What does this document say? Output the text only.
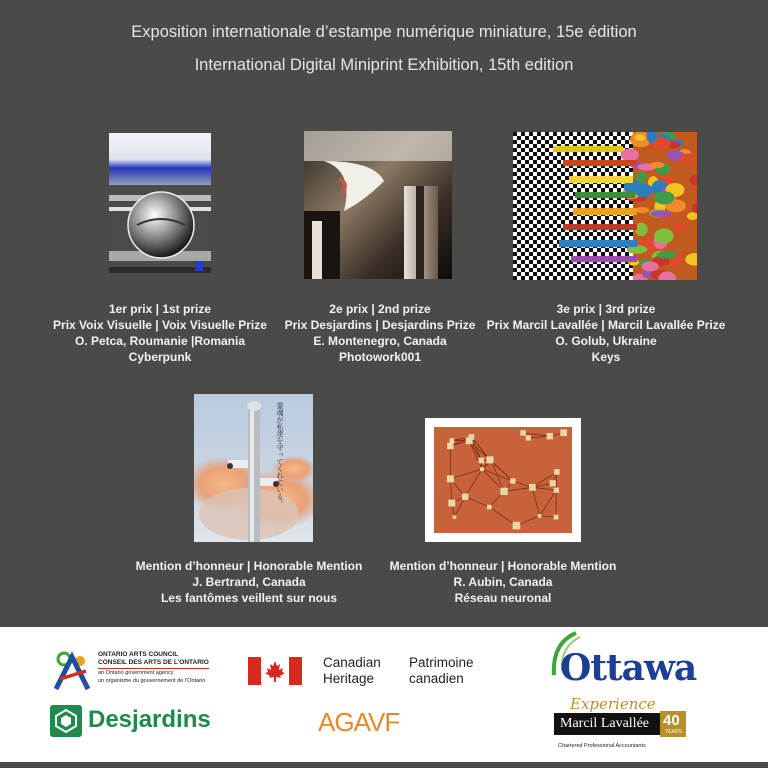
Exposition internationale d’estampe numérique miniature, 15e édition
International Digital Miniprint Exhibition, 15th edition
1er prix | 1st prize
Prix Voix Visuelle | Voix Visuelle Prize
O. Petca, Roumanie |Romania
Cyberpunk
2e prix | 2nd prize
Prix Desjardins | Desjardins Prize
E. Montenegro, Canada
Photowork001
3e prix | 3rd prize
Prix Marcil Lavallée | Marcil Lavallée Prize
O. Golub, Ukraine
Keys
霊魂が私達を守ってくれている。
Mention d’honneur | Honorable Mention
J. Bertrand, Canada
Les fantômes veillent sur nous
Mention d’honneur | Honorable Mention
R. Aubin, Canada
Réseau neuronal
ONTARIO ARTS COUNCIL
CONSEIL DES ARTS DE L’ONTARIO
an Ontario government agency
un organisme du gouvernement de l’Ontario
Canadian
Heritage
Patrimoine
canadien	Ottawa
Desjardins	AGAVF
Experience
Marcil Lavallée 40
YEARS
Chartered Professional Accountants
